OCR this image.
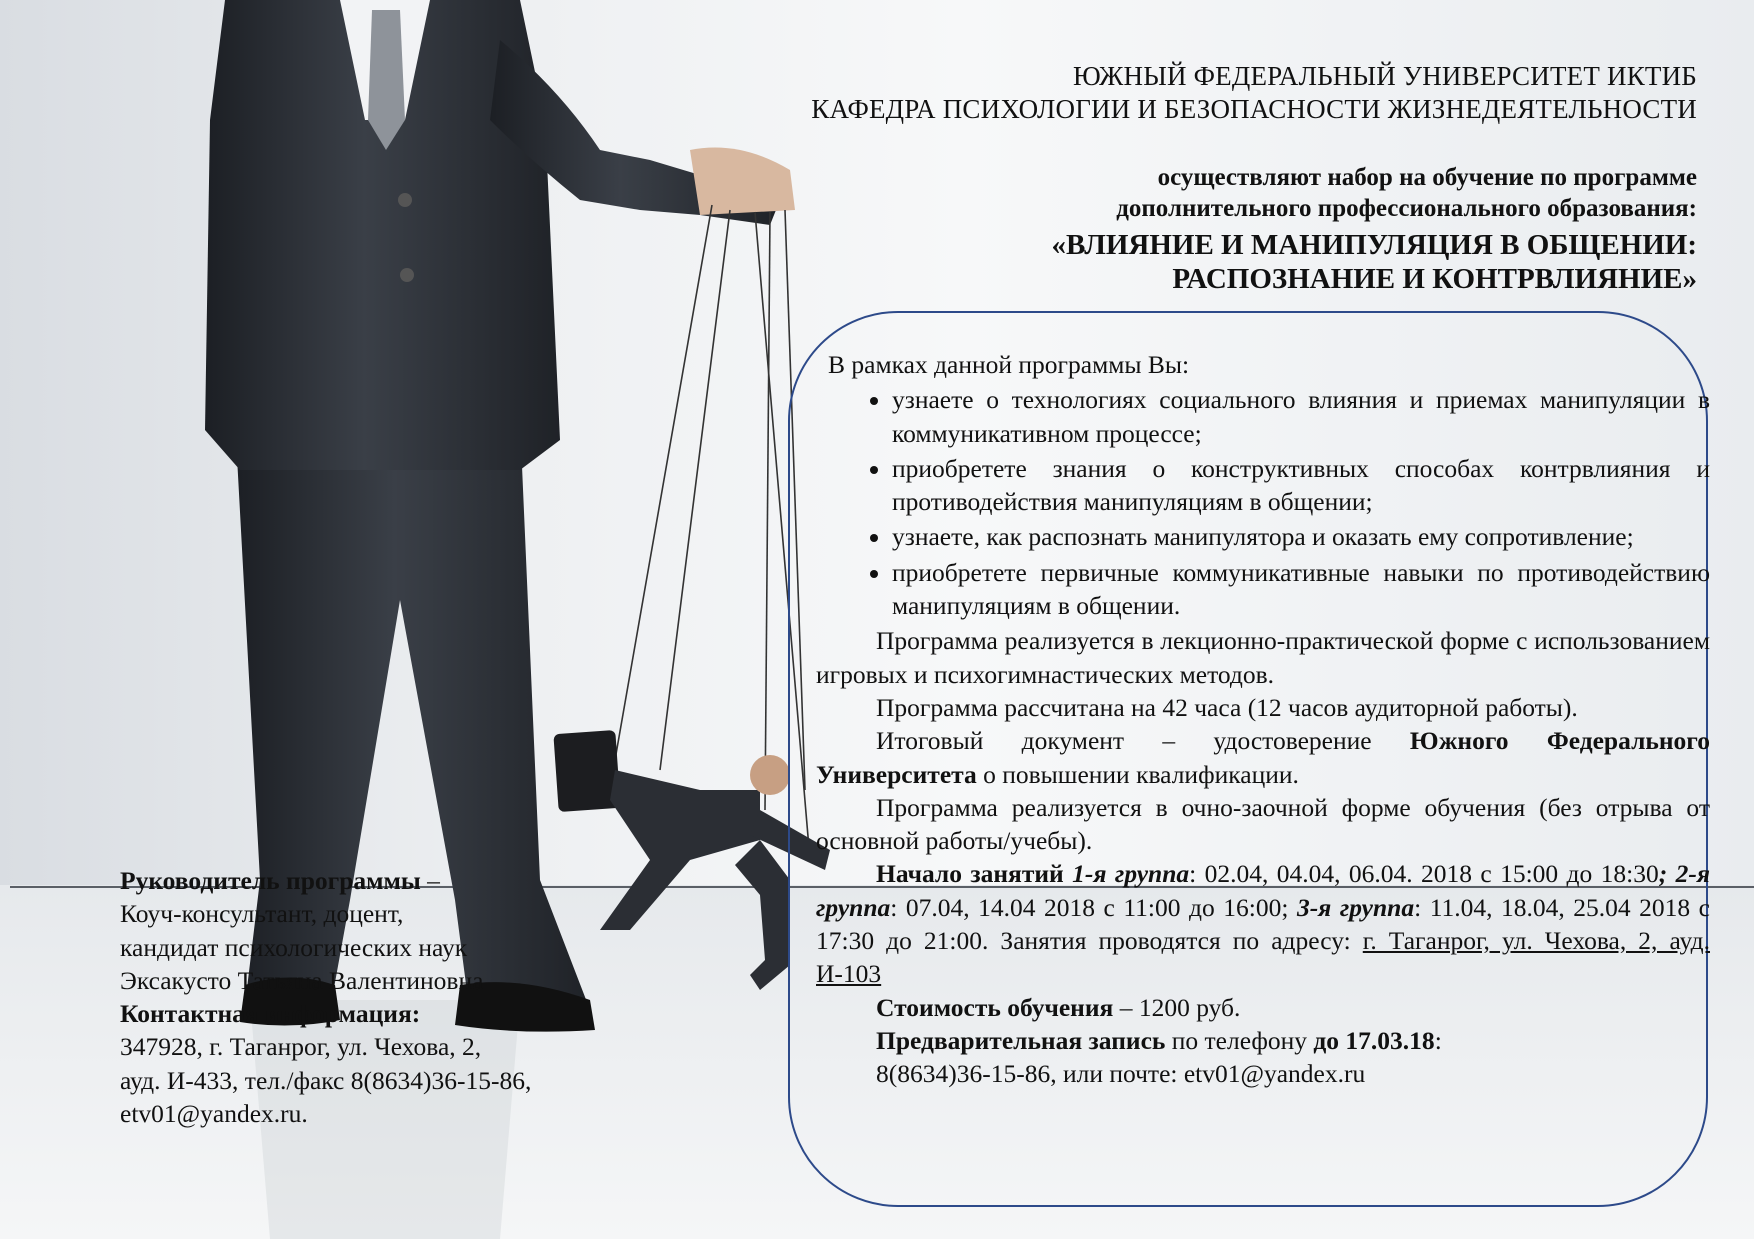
ЮЖНЫЙ ФЕДЕРАЛЬНЫЙ УНИВЕРСИТЕТ ИКТИБ
КАФЕДРА ПСИХОЛОГИИ И БЕЗОПАСНОСТИ ЖИЗНЕДЕЯТЕЛЬНОСТИ
осуществляют набор на обучение по программе
дополнительного профессионального образования:
«ВЛИЯНИЕ И МАНИПУЛЯЦИЯ В ОБЩЕНИИ:
РАСПОЗНАНИЕ И КОНТРВЛИЯНИЕ»

В рамках данной программы Вы:

• узнаете о технологиях социального влияния и приемах манипуляции в коммуникативном процессе;
• приобретете знания о конструктивных способах контрвлияния и противодействия манипуляциям в общении;
• узнаете, как распознать манипулятора и оказать ему сопротивление;
• приобретете первичные коммуникативные навыки по противодействию манипуляциям в общении.

Программа реализуется в лекционно-практической форме с использованием игровых и психогимнастических методов.

Программа рассчитана на 42 часа (12 часов аудиторной работы).

Итоговый документ – удостоверение Южного Федерального Университета о повышении квалификации.

Программа реализуется в очно-заочной форме обучения (без отрыва от основной работы/учебы).

Начало занятий 1-я группа: 02.04, 04.04, 06.04. 2018 с 15:00 до 18:30; 2-я группа: 07.04, 14.04 2018 с 11:00 до 16:00; 3-я группа: 11.04, 18.04, 25.04 2018 с 17:30 до 21:00. Занятия проводятся по адресу: г. Таганрог, ул. Чехова, 2, ауд. И-103

Стоимость обучения – 1200 руб.

Предварительная запись по телефону до 17.03.18:

8(8634)36-15-86, или почте: etv01@yandex.ru

Руководитель программы –

Коуч-консультант, доцент,

кандидат психологических наук

Эксакусто Татьяна Валентиновна

Контактная информация:

347928, г. Таганрог, ул. Чехова, 2,

ауд. И-433, тел./факс 8(8634)36-15-86,

etv01@yandex.ru.
